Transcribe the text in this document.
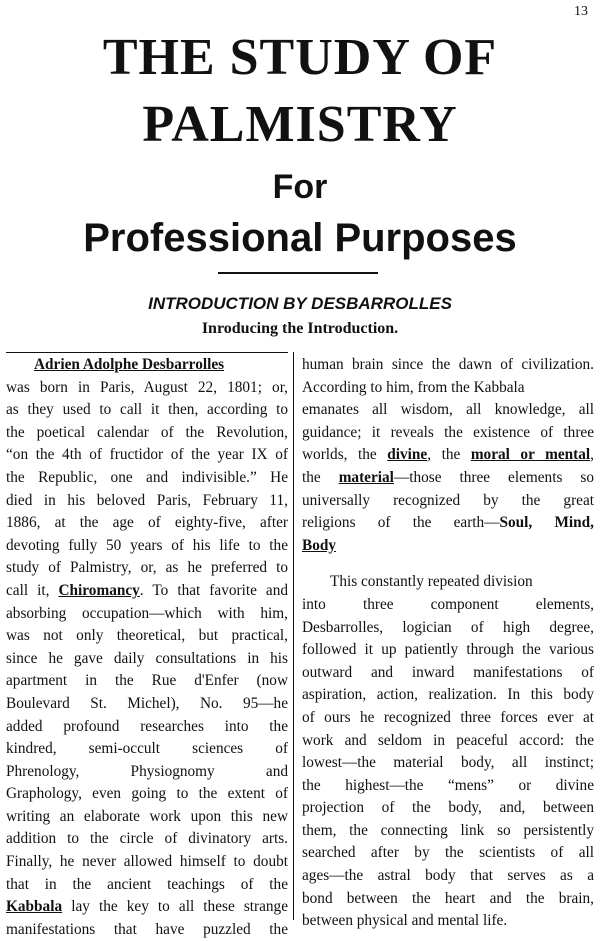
13
THE STUDY OF
PALMISTRY
For
Professional Purposes
INTRODUCTION BY DESBARROLLES
Inroducing the Introduction.
Adrien Adolphe Desbarrolles
was born in Paris, August 22, 1801; or,
as they used to call it then, according to
the poetical calendar of the Revolution,
“on the 4th of fructidor of the year IX of
the Republic, one and indivisible.” He
died in his beloved Paris, February 11,
1886, at the age of eighty-five, after
devoting fully 50 years of his life to the
study of Palmistry, or, as he preferred to
call it, Chiromancy. To that favorite and
absorbing occupation—which with him,
was not only theoretical, but practical,
since he gave daily consultations in his
apartment in the Rue d'Enfer (now
Boulevard St. Michel), No. 95—he
added profound researches into the
kindred, semi-occult sciences of
Phrenology, Physiognomy and
Graphology, even going to the extent of
writing an elaborate work upon this new
addition to the circle of divinatory arts.
Finally, he never allowed himself to doubt
that in the ancient teachings of the
Kabbala lay the key to all these strange
manifestations that have puzzled the
human brain since the dawn of civilization.
According to him, from the Kabbala
emanates all wisdom, all knowledge, all
guidance; it reveals the existence of three
worlds, the divine, the moral or mental,
the material—those three elements so
universally recognized by the great
religions of the earth—Soul, Mind,
Body
This constantly repeated division
into three component elements,
Desbarrolles, logician of high degree,
followed it up patiently through the various
outward and inward manifestations of
aspiration, action, realization. In this body
of ours he recognized three forces ever at
work and seldom in peaceful accord: the
lowest—the material body, all instinct;
the highest—the “mens” or divine
projection of the body, and, between
them, the connecting link so persistently
searched after by the scientists of all
ages—the astral body that serves as a
bond between the heart and the brain,
between physical and mental life.
